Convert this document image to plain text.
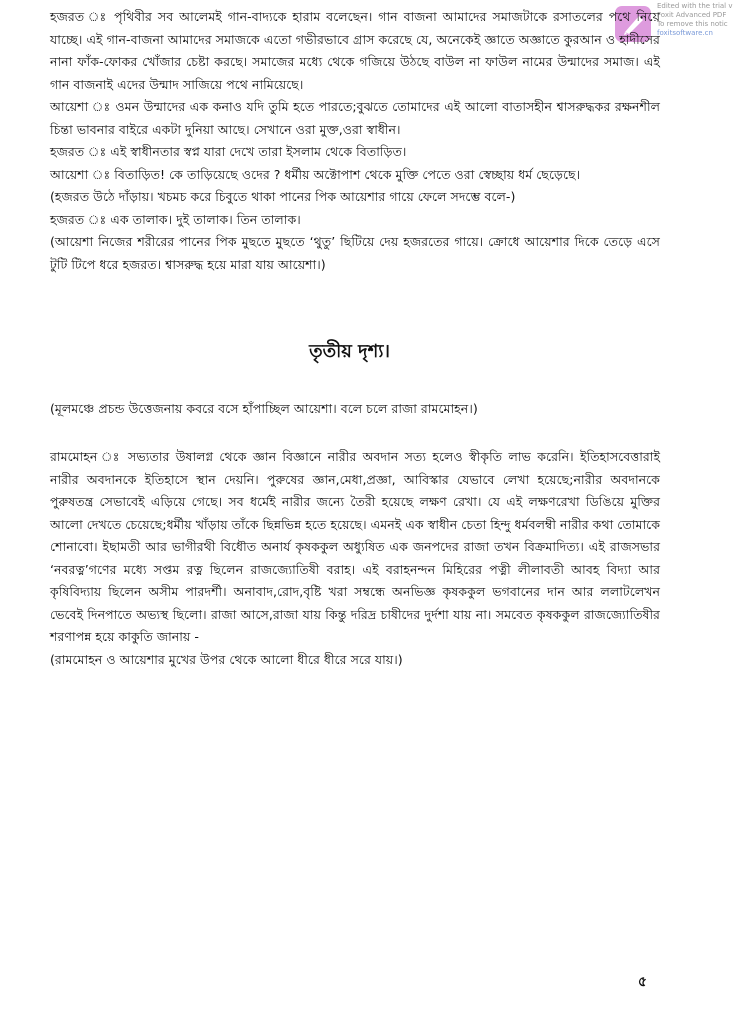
Edited with the trial v
Foxit Advanced PDF
To remove this notic
foxitsoftware.cn

হজরত ঃ পৃথিবীর সব আলেমই গান-বাদ্যকে হারাম বলেছেন। গান বাজনা আমাদের সমাজটাকে রসাতলের পথে নিয়ে যাচ্ছে। এই গান-বাজনা আমাদের সমাজকে এতো গভীরভাবে গ্রাস করেছে যে, অনেকেই জ্ঞাতে অজ্ঞাতে কুরআন ও হাদীসের নানা ফাঁক-ফোকর খোঁজার চেষ্টা করছে। সমাজের মধ্যে থেকে গজিয়ে উঠছে বাউল না ফাউল নামের উন্মাদের সমাজ। এই গান বাজনাই এদের উন্মাদ সাজিয়ে পথে নামিয়েছে।

আয়েশা ঃ ওমন উন্মাদের এক কনাও যদি তুমি হতে পারতে;বুঝতে তোমাদের এই আলো বাতাসহীন শ্বাসরুদ্ধকর রক্ষনশীল চিন্তা ভাবনার বাইরে একটা দুনিয়া আছে। সেখানে ওরা মুক্ত,ওরা স্বাধীন।

হজরত ঃ এই স্বাধীনতার স্বপ্ন যারা দেখে তারা ইসলাম থেকে বিতাড়িত।

আয়েশা ঃ বিতাড়িত! কে তাড়িয়েছে ওদের ? ধর্মীয় অক্টোপাশ থেকে মুক্তি পেতে ওরা স্বেচ্ছায় ধর্ম ছেড়েছে।

(হজরত উঠে দাঁড়ায়। খচমচ করে চিবুতে থাকা পানের পিক আয়েশার গায়ে ফেলে সদম্ভে বলে-)

হজরত ঃ এক তালাক। দুই তালাক। তিন তালাক।

(আয়েশা নিজের শরীরের পানের পিক মুছতে মুছতে ‘থুতু’ ছিটিয়ে দেয় হজরতের গায়ে। ক্রোধে আয়েশার দিকে তেড়ে এসে টুটি টিপে ধরে হজরত। শ্বাসরুদ্ধ হয়ে মারা যায় আয়েশা।)

তৃতীয় দৃশ্য।

(মূলমঞ্চে প্রচন্ড উত্তেজনায় কবরে বসে হাঁপাচ্ছিল আয়েশা। বলে চলে রাজা রামমোহন।)

রামমোহন ঃ সভ্যতার উষালগ্ন থেকে জ্ঞান বিজ্ঞানে নারীর অবদান সত্য হলেও স্বীকৃতি লাভ করেনি। ইতিহাসবেত্তারাই নারীর অবদানকে ইতিহাসে স্থান দেয়নি। পুরুষের জ্ঞান,মেধা,প্রজ্ঞা, আবিস্কার যেভাবে লেখা হয়েছে;নারীর অবদানকে পুরুষতন্ত্র সেভাবেই এড়িয়ে গেছে। সব ধর্মেই নারীর জন্যে তৈরী হয়েছে লক্ষণ রেখা। যে এই লক্ষণরেখা ডিঙিয়ে মুক্তির আলো দেখতে চেয়েছে;ধর্মীয় খাঁড়ায় তাঁকে ছিন্নভিন্ন হতে হয়েছে। এমনই এক স্বাধীন চেতা হিন্দু ধর্মবলম্বী নারীর কথা তোমাকে শোনাবো। ইছামতী আর ভাগীরথী বিধৌত অনার্য কৃষককুল অধ্যুষিত এক জনপদের রাজা তখন বিক্রমাদিত্য। এই রাজসভার ‘নবরত্ন’গণের মধ্যে সপ্তম রত্ন ছিলেন রাজজ্যোতিষী বরাহ। এই বরাহনন্দন মিহিরের পত্নী লীলাবতী আবহ বিদ্যা আর কৃষিবিদ্যায় ছিলেন অসীম পারদর্শী। অনাবাদ,রোদ,বৃষ্টি খরা সম্বন্ধে অনভিজ্ঞ কৃষককুল ভগবানের দান আর ললাটলেখন ভেবেই দিনপাতে অভ্যস্থ ছিলো। রাজা আসে,রাজা যায় কিন্তু দরিদ্র চাষীদের দুর্দশা যায় না। সমবেত কৃষককুল রাজজ্যোতিষীর শরণাপন্ন হয়ে কাকুতি জানায় -

(রামমোহন ও আয়েশার মুখের উপর থেকে আলো ধীরে ধীরে সরে যায়।)

৫
